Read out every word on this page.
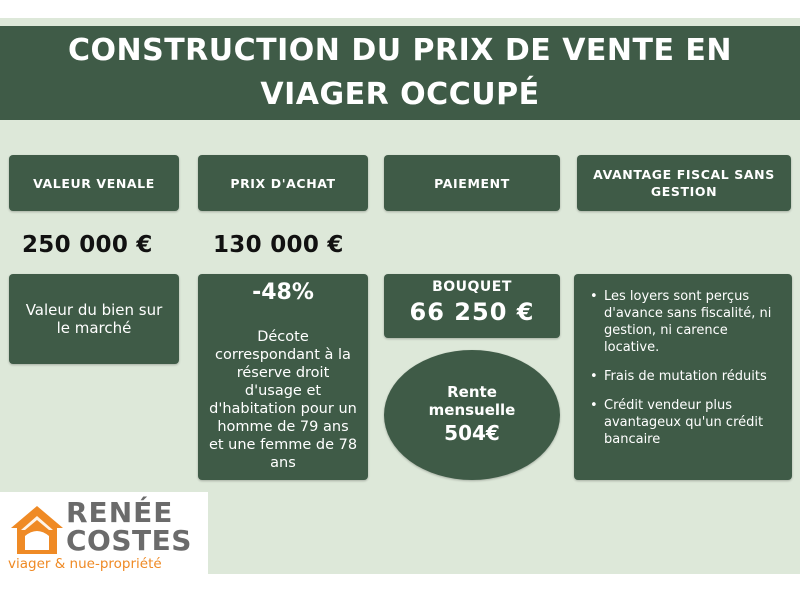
CONSTRUCTION DU PRIX DE VENTE EN VIAGER OCCUPÉ
VALEUR VENALE	PRIX D'ACHAT	PAIEMENT
AVANTAGE FISCAL SANS GESTION
250 000 €	130 000 €
Valeur du bien sur le marché
-48%
Décote correspondant à la réserve droit d'usage et d'habitation pour un homme de 79 ans et une femme de 78 ans
BOUQUET
66 250 €
Rente mensuelle
504€
• Les loyers sont perçus d'avance sans fiscalité, ni gestion, ni carence locative.
• Frais de mutation réduits
• Crédit vendeur plus avantageux qu'un crédit bancaire
RENÉE
COSTES
viager & nue-propriété
